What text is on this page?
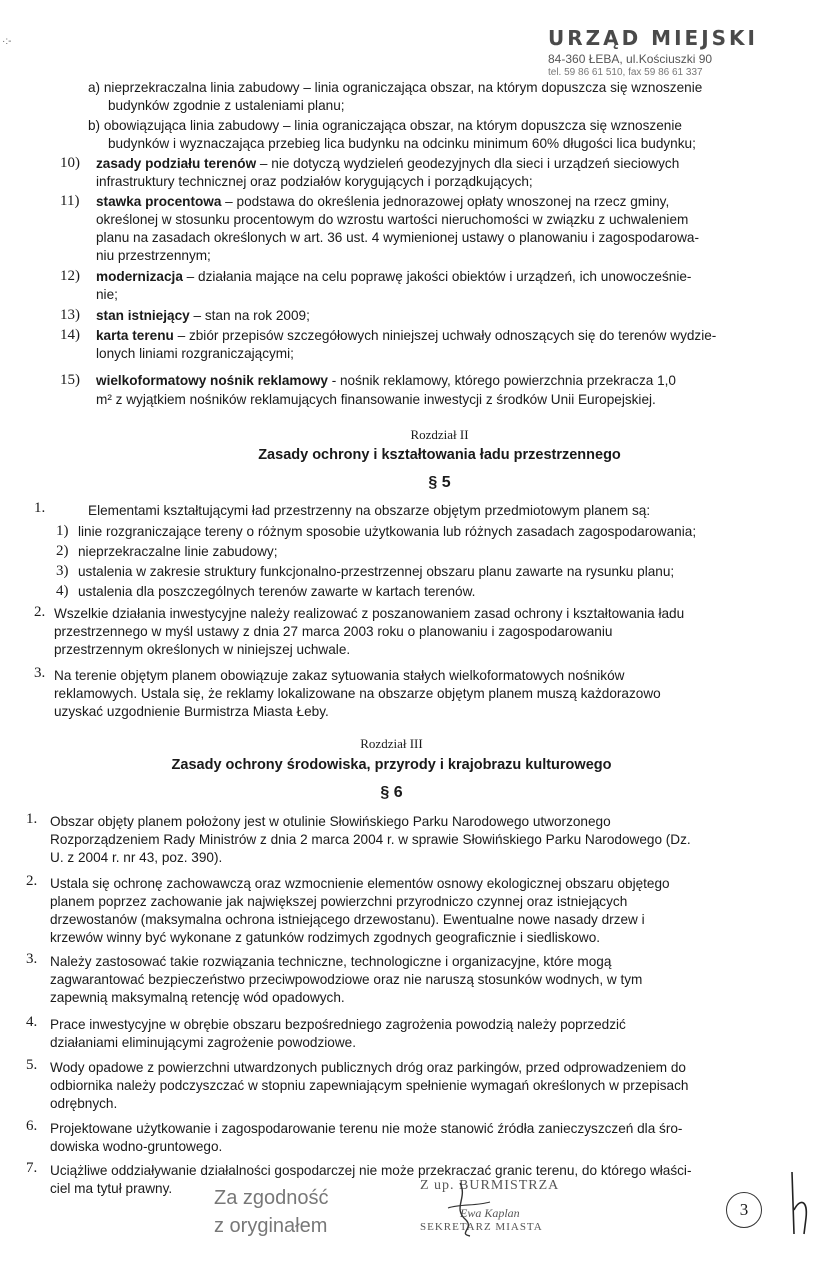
URZĄD MIEJSKI
84-360 ŁEBA, ul.Kościuszki 90
tel. 59 86 61 510, fax 59 86 61 337
a) nieprzekraczalna linia zabudowy – linia ograniczająca obszar, na którym dopuszcza się wznoszenie
budynków zgodnie z ustaleniami planu;
b) obowiązująca linia zabudowy – linia ograniczająca obszar, na którym dopuszcza się wznoszenie
budynków i wyznaczająca przebieg lica budynku na odcinku minimum 60% długości lica budynku;
10) zasady podziału terenów – nie dotyczą wydzieleń geodezyjnych dla sieci i urządzeń sieciowych
infrastruktury technicznej oraz podziałów korygujących i porządkujących;
11) stawka procentowa – podstawa do określenia jednorazowej opłaty wnoszonej na rzecz gminy,
określonej w stosunku procentowym do wzrostu wartości nieruchomości w związku z uchwaleniem
planu na zasadach określonych w art. 36 ust. 4 wymienionej ustawy o planowaniu i zagospodarowa-
niu przestrzennym;
12) modernizacja – działania mające na celu poprawę jakości obiektów i urządzeń, ich unowocześnie-
nie;
13) stan istniejący – stan na rok 2009;
14) karta terenu – zbiór przepisów szczegółowych niniejszej uchwały odnoszących się do terenów wydzie-
lonych liniami rozgraniczającymi;
15) wielkoformatowy nośnik reklamowy - nośnik reklamowy, którego powierzchnia przekracza 1,0
m² z wyjątkiem nośników reklamujących finansowanie inwestycji z środków Unii Europejskiej.
Rozdział II
Zasady ochrony i kształtowania ładu przestrzennego
§ 5
1.	Elementami kształtującymi ład przestrzenny na obszarze objętym przedmiotowym planem są:
1) linie rozgraniczające tereny o różnym sposobie użytkowania lub różnych zasadach zagospodarowania;
2) nieprzekraczalne linie zabudowy;
3) ustalenia w zakresie struktury funkcjonalno-przestrzennej obszaru planu zawarte na rysunku planu;
4) ustalenia dla poszczególnych terenów zawarte w kartach terenów.
2. Wszelkie działania inwestycyjne należy realizować z poszanowaniem zasad ochrony i kształtowania ładu
przestrzennego w myśl ustawy z dnia 27 marca 2003 roku o planowaniu i zagospodarowaniu
przestrzennym określonych w niniejszej uchwale.
3. Na terenie objętym planem obowiązuje zakaz sytuowania stałych wielkoformatowych nośników
reklamowych. Ustala się, że reklamy lokalizowane na obszarze objętym planem muszą każdorazowo
uzyskać uzgodnienie Burmistrza Miasta Łeby.
Rozdział III
Zasady ochrony środowiska, przyrody i krajobrazu kulturowego
§ 6
1. Obszar objęty planem położony jest w otulinie Słowińskiego Parku Narodowego utworzonego
Rozporządzeniem Rady Ministrów z dnia 2 marca 2004 r. w sprawie Słowińskiego Parku Narodowego (Dz.
U. z 2004 r. nr 43, poz. 390).
2. Ustala się ochronę zachowawczą oraz wzmocnienie elementów osnowy ekologicznej obszaru objętego
planem poprzez zachowanie jak największej powierzchni przyrodniczo czynnej oraz istniejących
drzewostanów (maksymalna ochrona istniejącego drzewostanu). Ewentualne nowe nasady drzew i
krzewów winny być wykonane z gatunków rodzimych zgodnych geograficznie i siedliskowo.
3. Należy zastosować takie rozwiązania techniczne, technologiczne i organizacyjne, które mogą
zagwarantować bezpieczeństwo przeciwpowodziowe oraz nie naruszą stosunków wodnych, w tym
zapewnią maksymalną retencję wód opadowych.
4. Prace inwestycyjne w obrębie obszaru bezpośredniego zagrożenia powodzią należy poprzedzić
działaniami eliminującymi zagrożenie powodziowe.
5. Wody opadowe z powierzchni utwardzonych publicznych dróg oraz parkingów, przed odprowadzeniem do
odbiornika należy podczyszczać w stopniu zapewniającym spełnienie wymagań określonych w przepisach
odrębnych.
6. Projektowane użytkowanie i zagospodarowanie terenu nie może stanowić źródła zanieczyszczeń dla śro-
dowiska wodno-gruntowego.
7. Uciążliwe oddziaływanie działalności gospodarczej nie może przekraczać granic terenu, do którego właści-
ciel ma tytuł prawny. Za zgodność
z oryginałem
Z up. BURMISTRZA
Ewa Kaplan
SEKRETARZ MIASTA
3
·:-
